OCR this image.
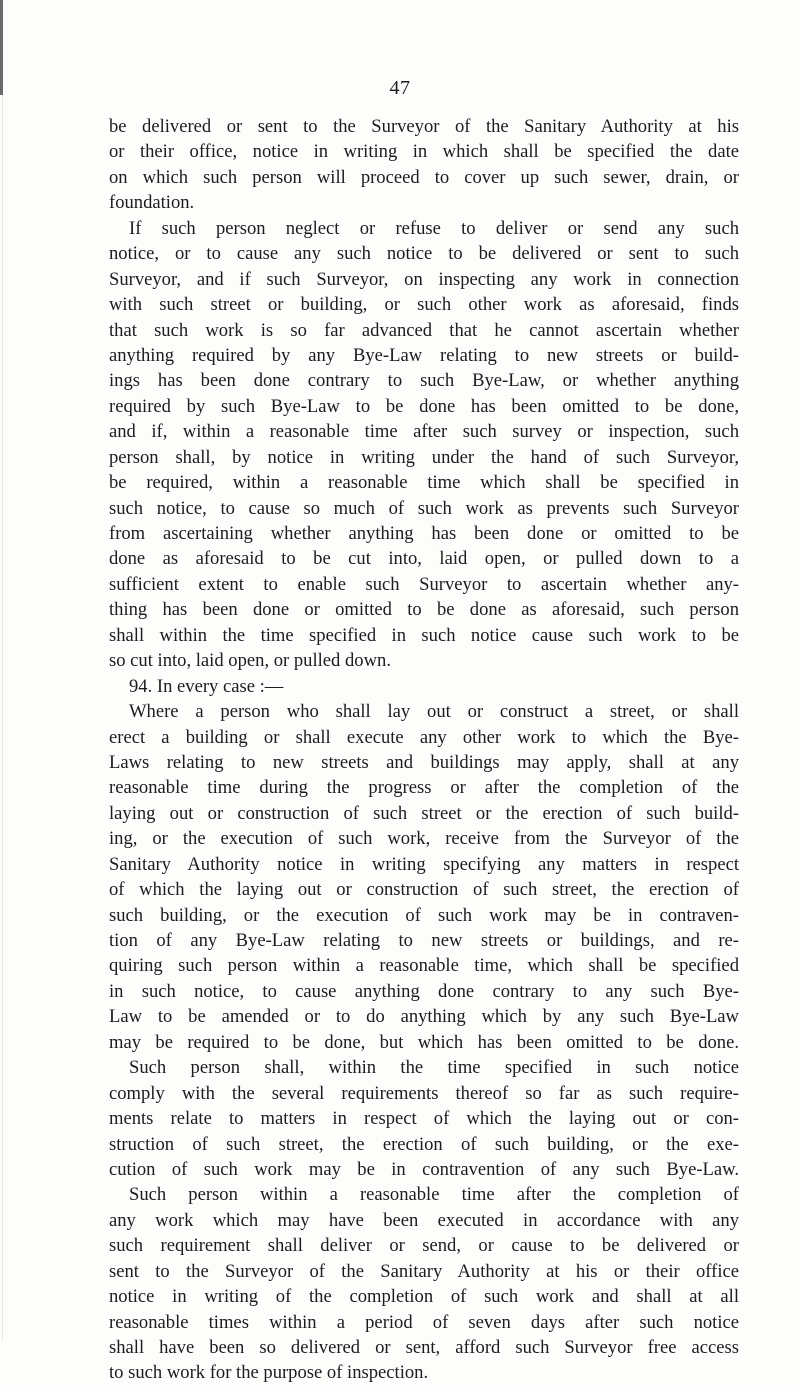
47
be delivered or sent to the Surveyor of the Sanitary Authority at his
or their office, notice in writing in which shall be specified the date
on which such person will proceed to cover up such sewer, drain, or
foundation.
If such person neglect or refuse to deliver or send any such
notice, or to cause any such notice to be delivered or sent to such
Surveyor, and if such Surveyor, on inspecting any work in connection
with such street or building, or such other work as aforesaid, finds
that such work is so far advanced that he cannot ascertain whether
anything required by any Bye-Law relating to new streets or build-
ings has been done contrary to such Bye-Law, or whether anything
required by such Bye-Law to be done has been omitted to be done,
and if, within a reasonable time after such survey or inspection, such
person shall, by notice in writing under the hand of such Surveyor,
be required, within a reasonable time which shall be specified in
such notice, to cause so much of such work as prevents such Surveyor
from ascertaining whether anything has been done or omitted to be
done as aforesaid to be cut into, laid open, or pulled down to a
sufficient extent to enable such Surveyor to ascertain whether any-
thing has been done or omitted to be done as aforesaid, such person
shall within the time specified in such notice cause such work to be
so cut into, laid open, or pulled down.
94. In every case :—
Where a person who shall lay out or construct a street, or shall
erect a building or shall execute any other work to which the Bye-
Laws relating to new streets and buildings may apply, shall at any
reasonable time during the progress or after the completion of the
laying out or construction of such street or the erection of such build-
ing, or the execution of such work, receive from the Surveyor of the
Sanitary Authority notice in writing specifying any matters in respect
of which the laying out or construction of such street, the erection of
such building, or the execution of such work may be in contraven-
tion of any Bye-Law relating to new streets or buildings, and re-
quiring such person within a reasonable time, which shall be specified
in such notice, to cause anything done contrary to any such Bye-
Law to be amended or to do anything which by any such Bye-Law
may be required to be done, but which has been omitted to be done.
Such person shall, within the time specified in such notice
comply with the several requirements thereof so far as such require-
ments relate to matters in respect of which the laying out or con-
struction of such street, the erection of such building, or the exe-
cution of such work may be in contravention of any such Bye-Law.
Such person within a reasonable time after the completion of
any work which may have been executed in accordance with any
such requirement shall deliver or send, or cause to be delivered or
sent to the Surveyor of the Sanitary Authority at his or their office
notice in writing of the completion of such work and shall at all
reasonable times within a period of seven days after such notice
shall have been so delivered or sent, afford such Surveyor free access
to such work for the purpose of inspection.
